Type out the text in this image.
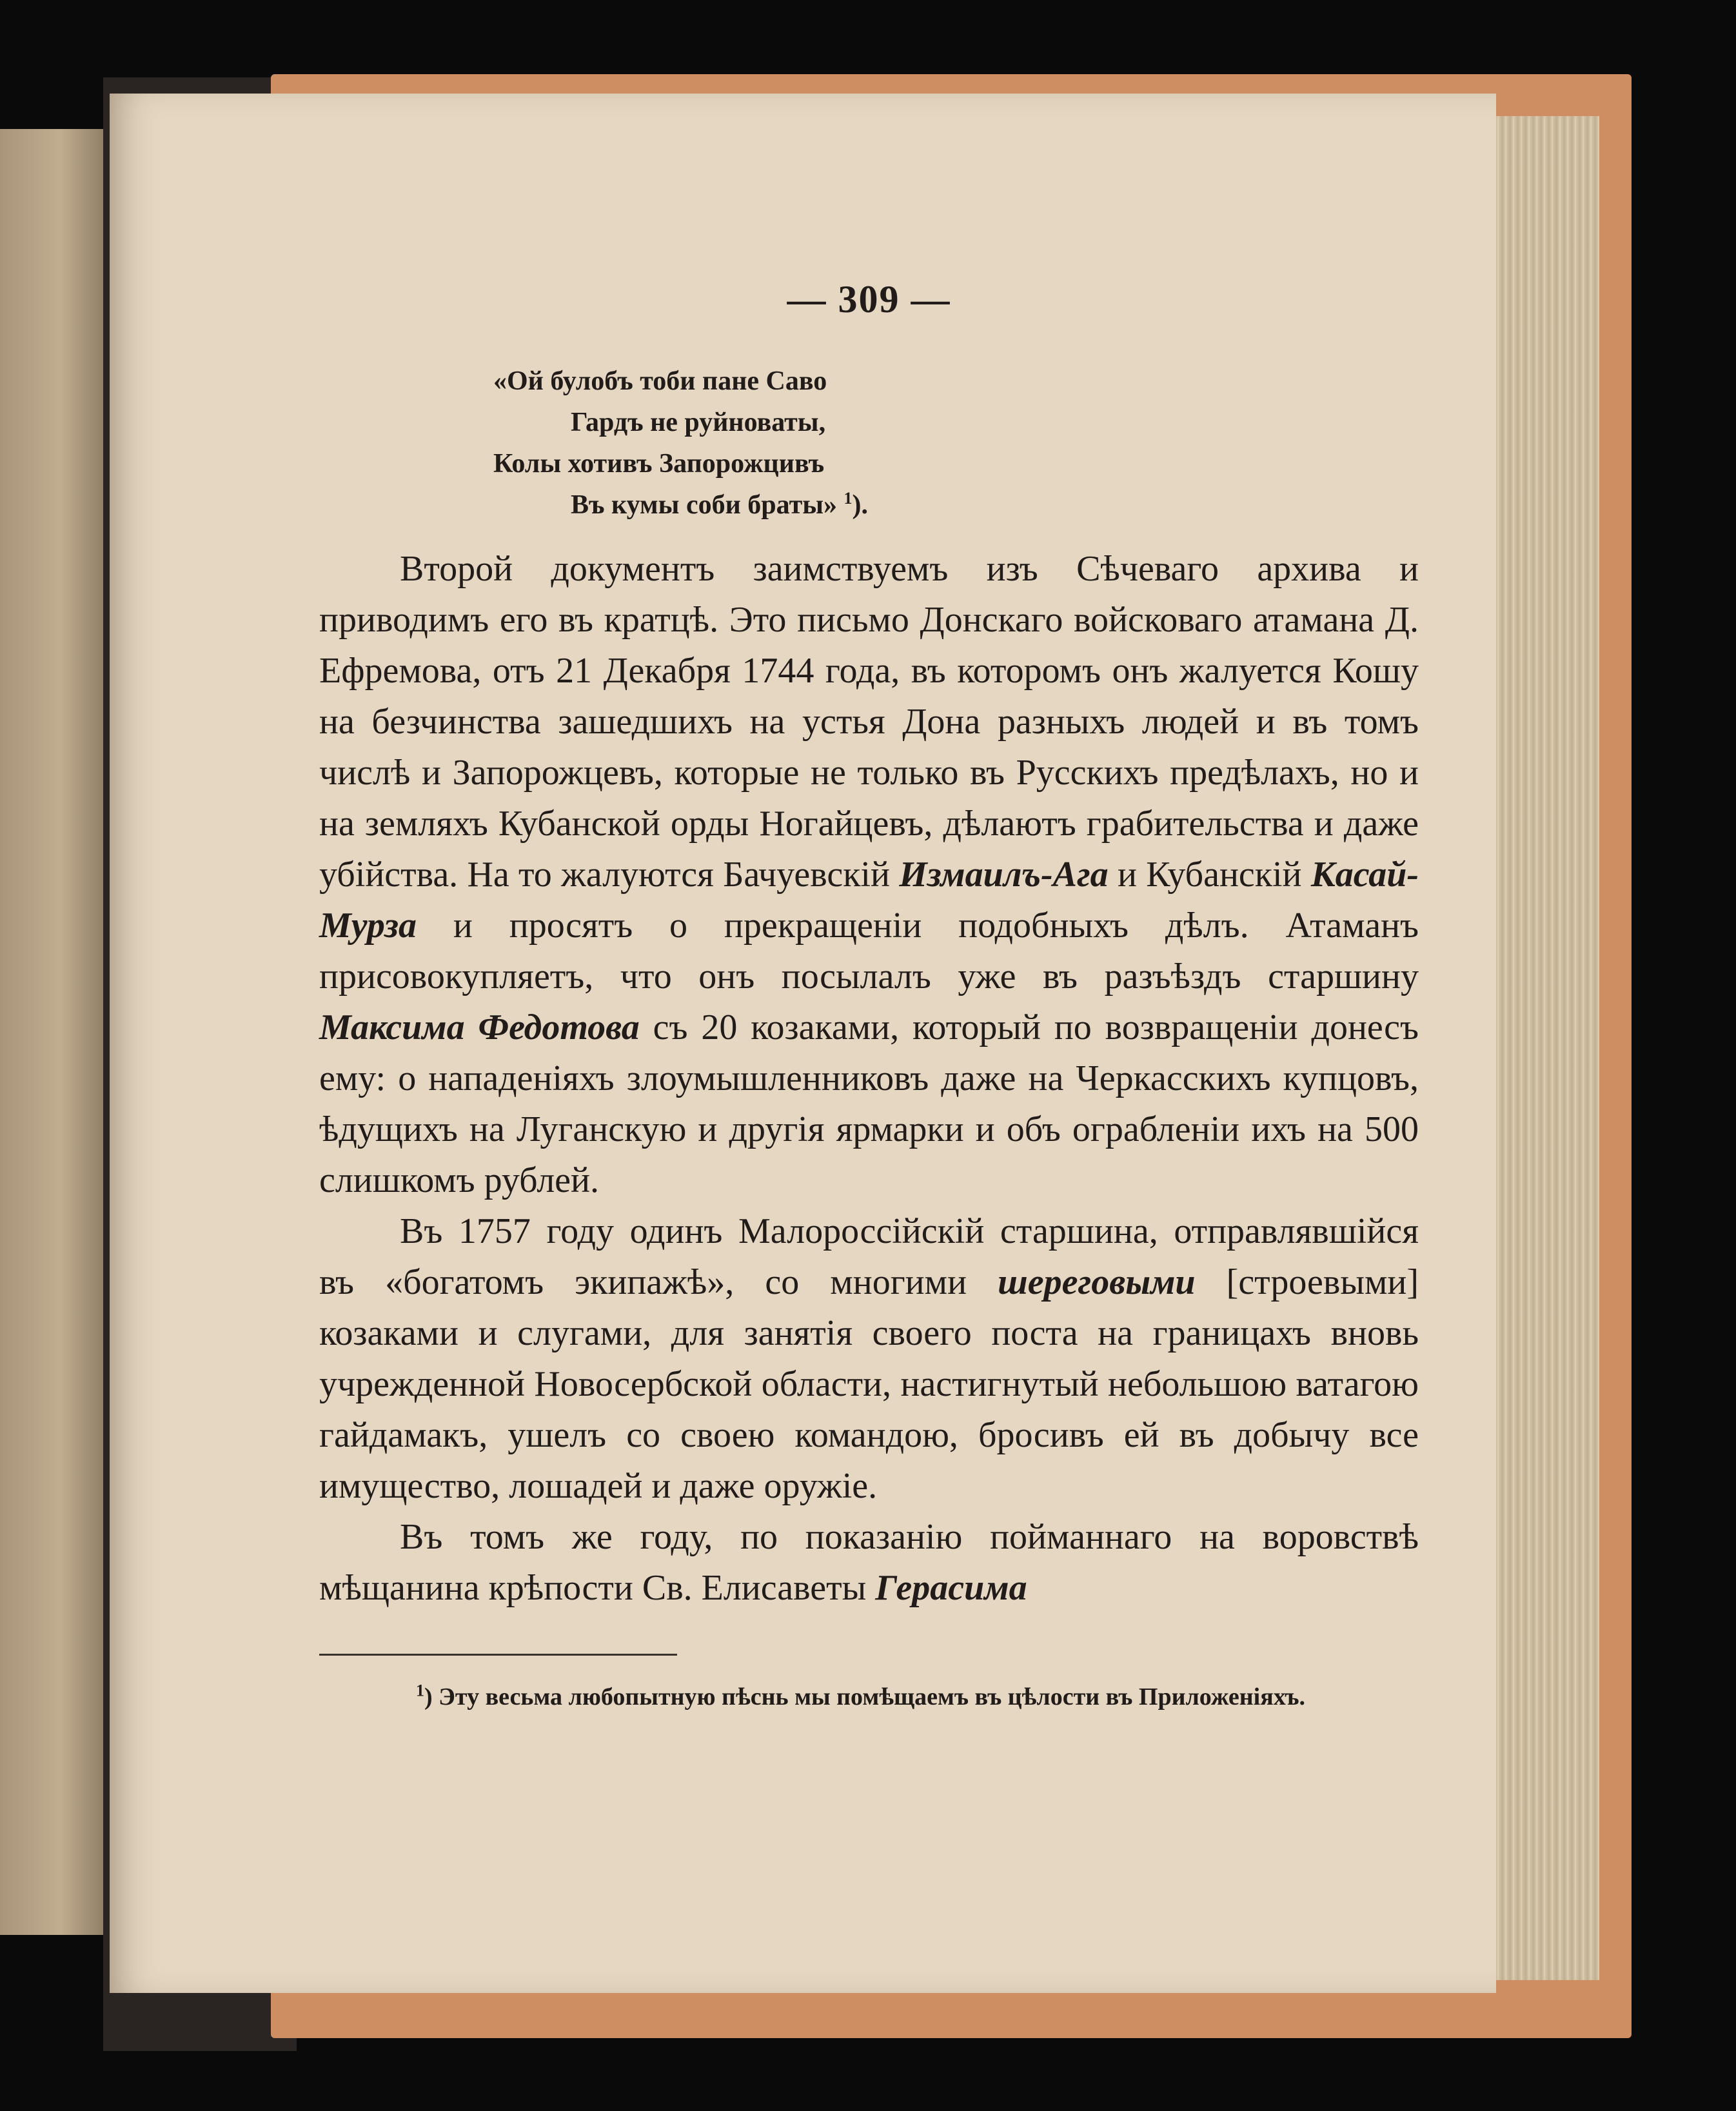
— 309 —
«Ой булобъ тоби пане Саво
Гардъ не руйноваты,
Колы хотивъ Запорожцивъ
Въ кумы соби браты» $^1$).

Второй документъ заимствуемъ изъ Сѣчеваго архива и приводимъ его въ кратцѣ. Это письмо Донскаго войсковаго атамана Д. Ефремова, отъ 21 Декабря 1744 года, въ которомъ онъ жалуется Кошу на безчинства зашедшихъ на устья Дона разныхъ людей и въ томъ числѣ и Запорожцевъ, которые не только въ Русскихъ предѣлахъ, но и на земляхъ Кубанской орды Ногайцевъ, дѣлаютъ грабительства и даже убійства. На то жалуются Бачуевскій Измаилъ-Ага и Кубанскій Касай-Мурза и просятъ о прекращеніи подобныхъ дѣлъ. Атаманъ присовокупляетъ, что онъ посылалъ уже въ разъѣздъ старшину Максима Федотова съ 20 козаками, который по возвращеніи донесъ ему: о нападеніяхъ злоумышленниковъ даже на Черкасскихъ купцовъ, ѣдущихъ на Луганскую и другія ярмарки и объ ограбленіи ихъ на 500 слишкомъ рублей.

Въ 1757 году одинъ Малороссійскій старшина, отправлявшійся въ «богатомъ экипажѣ», со многими шереговыми [строевыми] козаками и слугами, для занятія своего поста на границахъ вновь учрежденной Новосербской области, настигнутый небольшою ватагою гайдамакъ, ушелъ со своею командою, бросивъ ей въ добычу все имущество, лошадей и даже оружіе.

Въ томъ же году, по показанію пойманнаго на воровствѣ мѣщанина крѣпости Св. Елисаветы Герасима

$^1$) Эту весьма любопытную пѣснь мы помѣщаемъ въ цѣлости въ Приложеніяхъ.
